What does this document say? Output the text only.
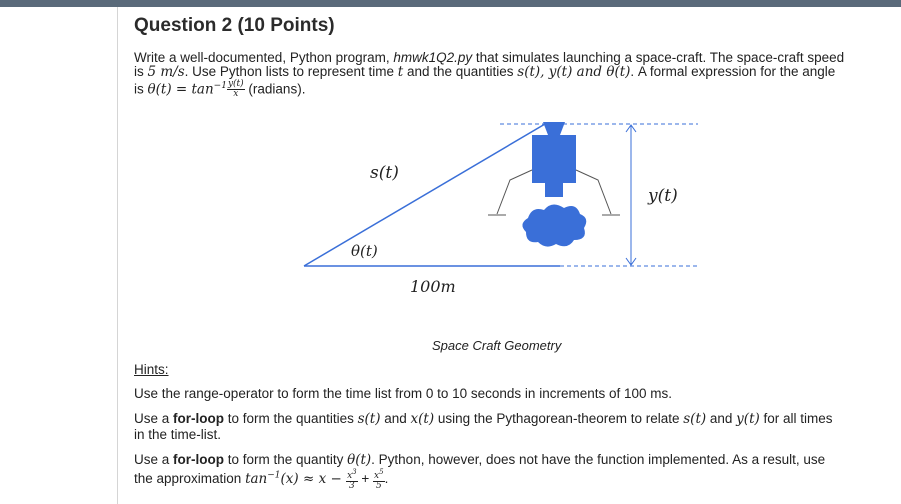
Question 2 (10 Points)
Write a well-documented, Python program, hmwk1Q2.py that simulates launching a space-craft. The space-craft speed
is 5 m/s. Use Python lists to represent time t and the quantities s(t), y(t) and θ(t). A formal expression for the angle
is $\theta(t) = \tan^{-1} \frac{y(t)}{x}$ (radians).
s(t)
θ(t)
100m
y(t)
Space Craft Geometry
Hints:
Use the range-operator to form the time list from 0 to 10 seconds in increments of 100 ms.
Use a for-loop to form the quantities s(t) and x(t) using the Pythagorean-theorem to relate s(t) and y(t) for all times
in the time-list.
Use a for-loop to form the quantity θ(t). Python, however, does not have the function implemented. As a result, use
the approximation $\tan^{-1}(x) \approx x - \frac{x^3}{3} + \frac{x^5}{5}$ .
